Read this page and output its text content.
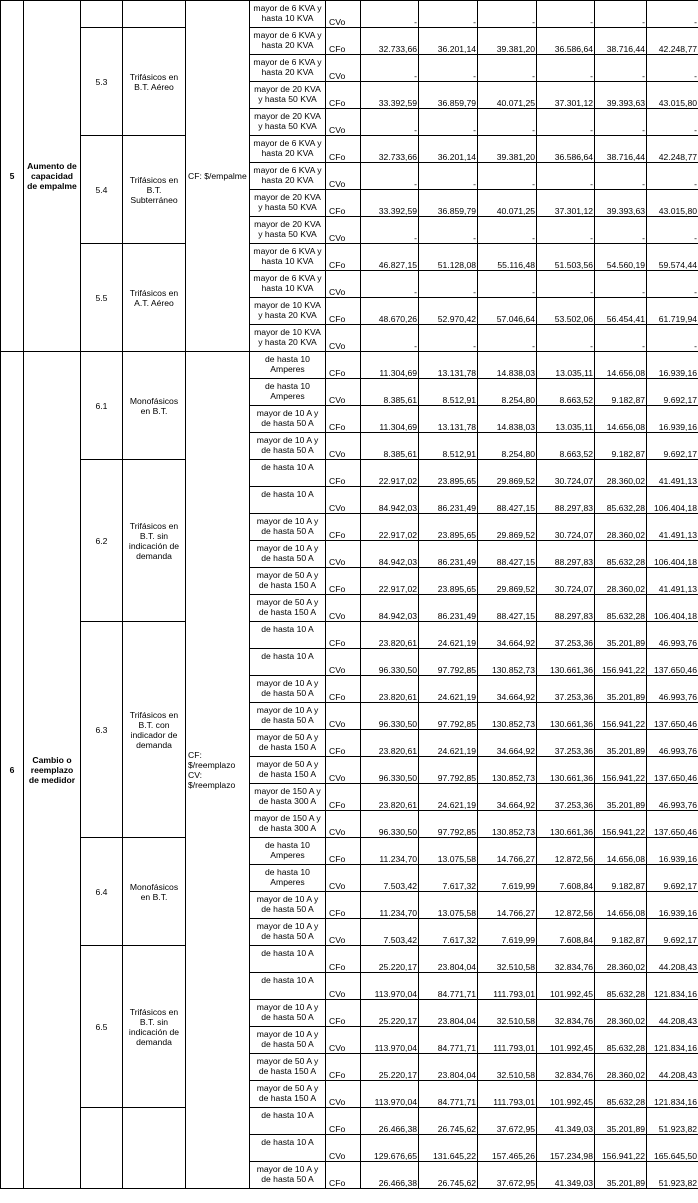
5	Aumento de capacidad de empalme			CF: $/empalme	mayor de 6 KVA y hasta 10 KVA	CVo	-	-	-	-	-	-
		5.3	Trifásicos en B.T. Aéreo		mayor de 6 KVA y hasta 20 KVA	CFo	32.733,66	36.201,14	39.381,20	36.586,64	38.716,44	42.248,77
					mayor de 6 KVA y hasta 20 KVA	CVo	-	-	-	-	-	-
					mayor de 20 KVA y hasta 50 KVA	CFo	33.392,59	36.859,79	40.071,25	37.301,12	39.393,63	43.015,80
					mayor de 20 KVA y hasta 50 KVA	CVo	-	-	-	-	-	-
		5.4	Trifásicos en B.T. Subterráneo		mayor de 6 KVA y hasta 20 KVA	CFo	32.733,66	36.201,14	39.381,20	36.586,64	38.716,44	42.248,77
					mayor de 6 KVA y hasta 20 KVA	CVo	-	-	-	-	-	-
					mayor de 20 KVA y hasta 50 KVA	CFo	33.392,59	36.859,79	40.071,25	37.301,12	39.393,63	43.015,80
					mayor de 20 KVA y hasta 50 KVA	CVo	-	-	-	-	-	-
		5.5	Trifásicos en A.T. Aéreo		mayor de 6 KVA y hasta 10 KVA	CFo	46.827,15	51.128,08	55.116,48	51.503,56	54.560,19	59.574,44
					mayor de 6 KVA y hasta 10 KVA	CVo	-	-	-	-	-	-
					mayor de 10 KVA y hasta 20 KVA	CFo	48.670,26	52.970,42	57.046,64	53.502,06	56.454,41	61.719,94
					mayor de 10 KVA y hasta 20 KVA	CVo	-	-	-	-	-	-
6	Cambio o reemplazo de medidor	6.1	Monofásicos en B.T.	CF: $/reemplazo CV: $/reemplazo	de hasta 10 Amperes	CFo	11.304,69	13.131,78	14.838,03	13.035,11	14.656,08	16.939,16
					de hasta 10 Amperes	CVo	8.385,61	8.512,91	8.254,80	8.663,52	9.182,87	9.692,17
					mayor de 10 A y de hasta 50 A	CFo	11.304,69	13.131,78	14.838,03	13.035,11	14.656,08	16.939,16
					mayor de 10 A y de hasta 50 A	CVo	8.385,61	8.512,91	8.254,80	8.663,52	9.182,87	9.692,17
		6.2	Trifásicos en B.T. sin indicación de demanda		de hasta 10 A	CFo	22.917,02	23.895,65	29.869,52	30.724,07	28.360,02	41.491,13
					de hasta 10 A	CVo	84.942,03	86.231,49	88.427,15	88.297,83	85.632,28	106.404,18
					mayor de 10 A y de hasta 50 A	CFo	22.917,02	23.895,65	29.869,52	30.724,07	28.360,02	41.491,13
					mayor de 10 A y de hasta 50 A	CVo	84.942,03	86.231,49	88.427,15	88.297,83	85.632,28	106.404,18
					mayor de 50 A y de hasta 150 A	CFo	22.917,02	23.895,65	29.869,52	30.724,07	28.360,02	41.491,13
					mayor de 50 A y de hasta 150 A	CVo	84.942,03	86.231,49	88.427,15	88.297,83	85.632,28	106.404,18
		6.3	Trifásicos en B.T. con indicador de demanda		de hasta 10 A	CFo	23.820,61	24.621,19	34.664,92	37.253,36	35.201,89	46.993,76
					de hasta 10 A	CVo	96.330,50	97.792,85	130.852,73	130.661,36	156.941,22	137.650,46
					mayor de 10 A y de hasta 50 A	CFo	23.820,61	24.621,19	34.664,92	37.253,36	35.201,89	46.993,76
					mayor de 10 A y de hasta 50 A	CVo	96.330,50	97.792,85	130.852,73	130.661,36	156.941,22	137.650,46
					mayor de 50 A y de hasta 150 A	CFo	23.820,61	24.621,19	34.664,92	37.253,36	35.201,89	46.993,76
					mayor de 50 A y de hasta 150 A	CVo	96.330,50	97.792,85	130.852,73	130.661,36	156.941,22	137.650,46
					mayor de 150 A y de hasta 300 A	CFo	23.820,61	24.621,19	34.664,92	37.253,36	35.201,89	46.993,76
					mayor de 150 A y de hasta 300 A	CVo	96.330,50	97.792,85	130.852,73	130.661,36	156.941,22	137.650,46
		6.4	Monofásicos en B.T.		de hasta 10 Amperes	CFo	11.234,70	13.075,58	14.766,27	12.872,56	14.656,08	16.939,16
					de hasta 10 Amperes	CVo	7.503,42	7.617,32	7.619,99	7.608,84	9.182,87	9.692,17
					mayor de 10 A y de hasta 50 A	CFo	11.234,70	13.075,58	14.766,27	12.872,56	14.656,08	16.939,16
					mayor de 10 A y de hasta 50 A	CVo	7.503,42	7.617,32	7.619,99	7.608,84	9.182,87	9.692,17
		6.5	Trifásicos en B.T. sin indicación de demanda		de hasta 10 A	CFo	25.220,17	23.804,04	32.510,58	32.834,76	28.360,02	44.208,43
					de hasta 10 A	CVo	113.970,04	84.771,71	111.793,01	101.992,45	85.632,28	121.834,16
					mayor de 10 A y de hasta 50 A	CFo	25.220,17	23.804,04	32.510,58	32.834,76	28.360,02	44.208,43
					mayor de 10 A y de hasta 50 A	CVo	113.970,04	84.771,71	111.793,01	101.992,45	85.632,28	121.834,16
					mayor de 50 A y de hasta 150 A	CFo	25.220,17	23.804,04	32.510,58	32.834,76	28.360,02	44.208,43
					mayor de 50 A y de hasta 150 A	CVo	113.970,04	84.771,71	111.793,01	101.992,45	85.632,28	121.834,16
					de hasta 10 A	CFo	26.466,38	26.745,62	37.672,95	41.349,03	35.201,89	51.923,82
					de hasta 10 A	CVo	129.676,65	131.645,22	157.465,26	157.234,98	156.941,22	165.645,50
					mayor de 10 A y de hasta 50 A	CFo	26.466,38	26.745,62	37.672,95	41.349,03	35.201,89	51.923,82
